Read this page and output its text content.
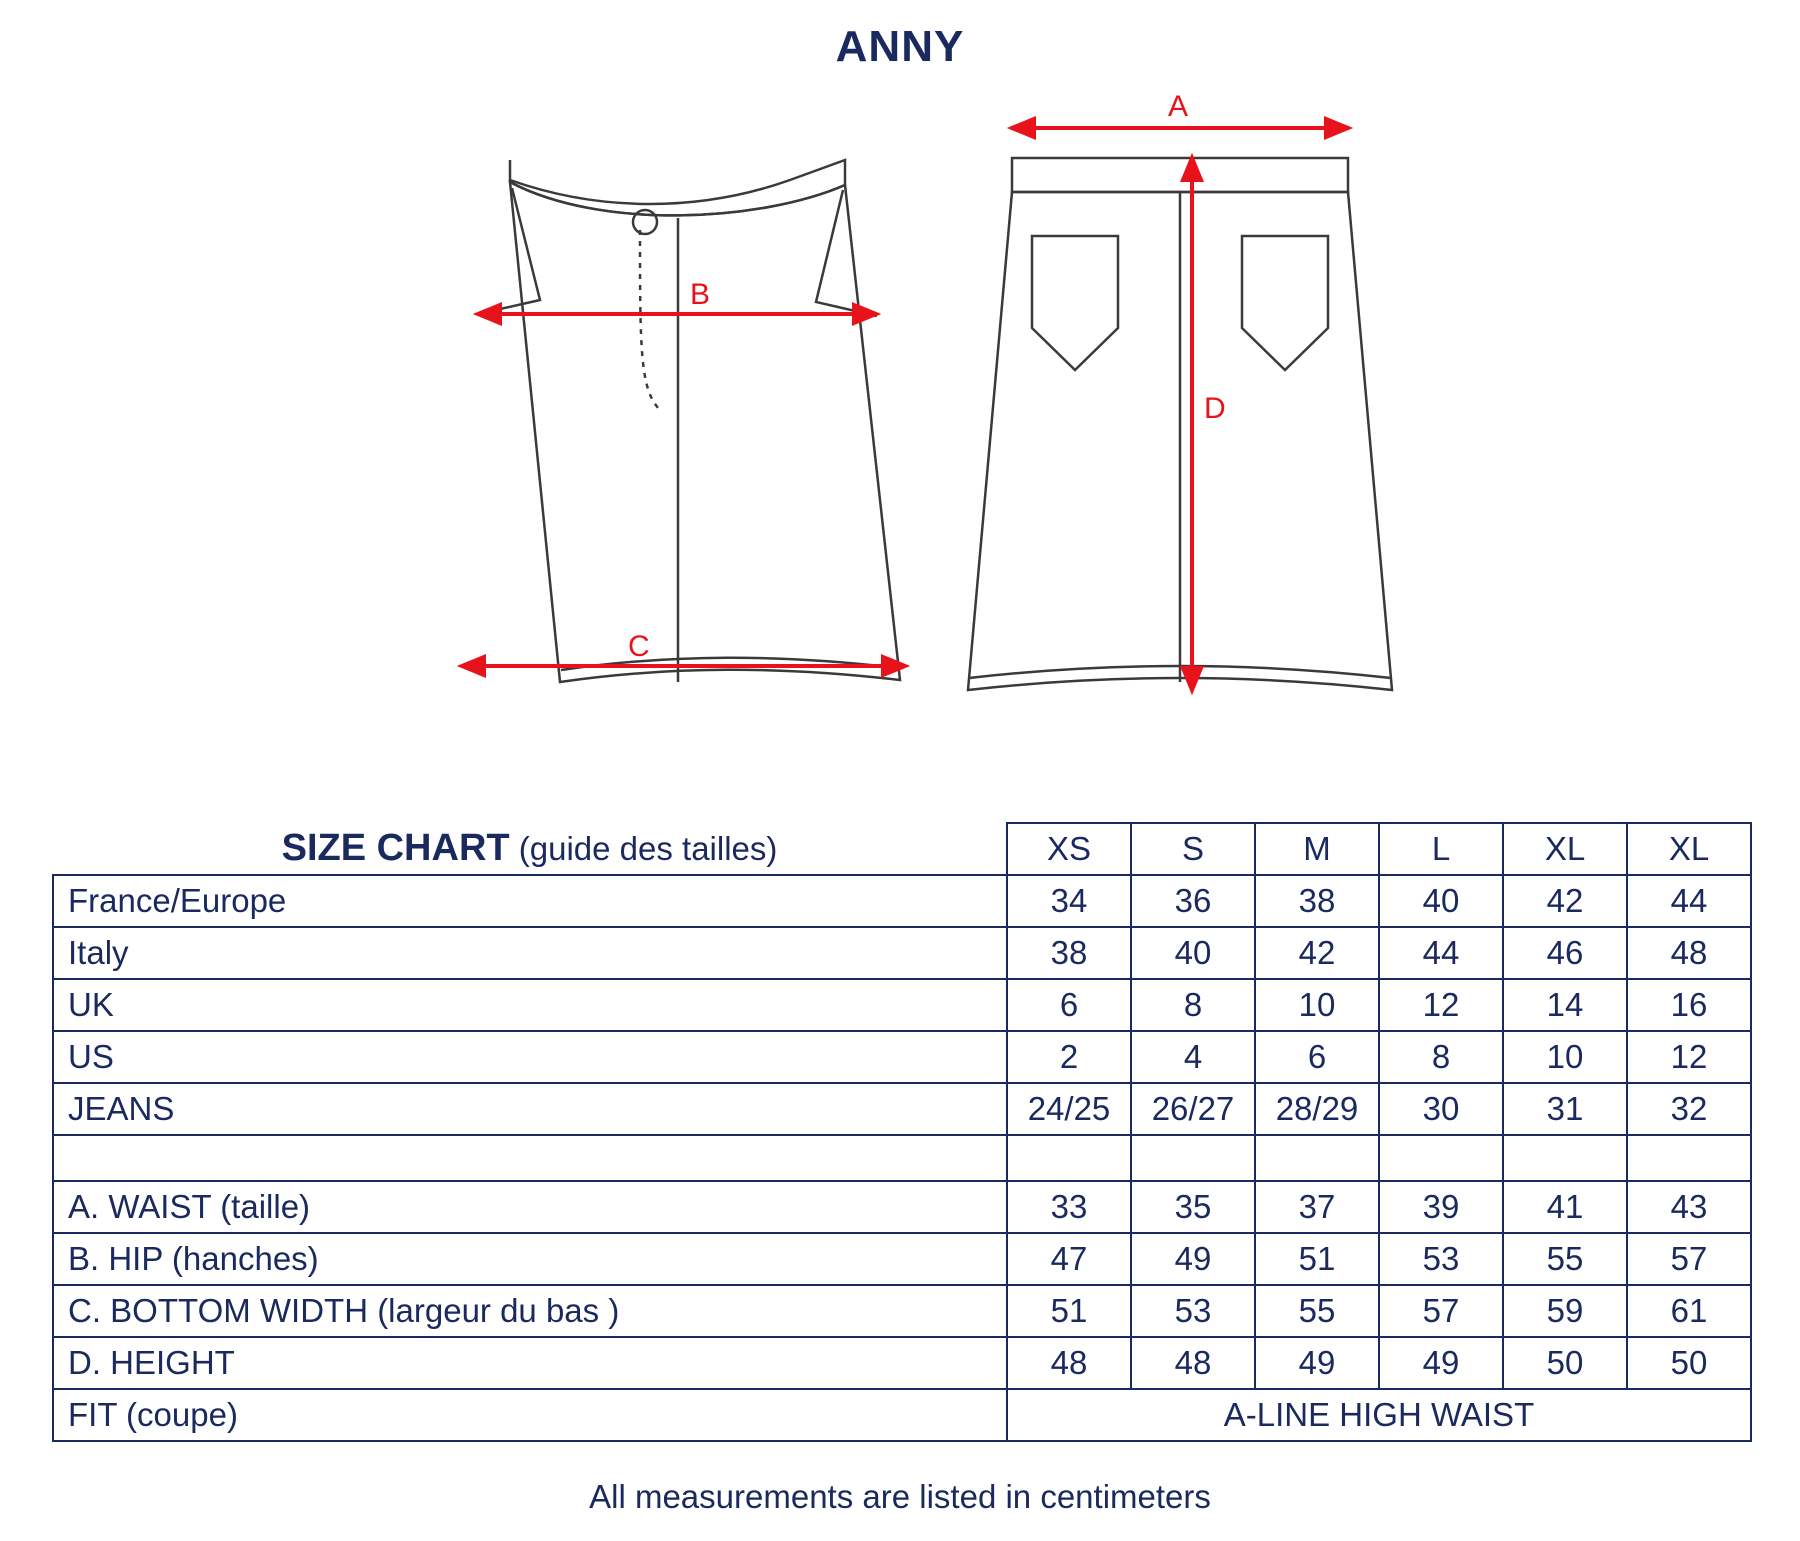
ANNY
B
C
A
D
SIZE CHART (guide des tailles)	XS	S	M	L	XL	XL
France/Europe	34	36	38	40	42	44
Italy	38	40	42	44	46	48
UK	6	8	10	12	14	16
US	2	4	6	8	10	12
JEANS	24/25	26/27	28/29	30	31	32

A. WAIST (taille)	33	35	37	39	41	43
B. HIP (hanches)	47	49	51	53	55	57
C. BOTTOM WIDTH (largeur du bas )	51	53	55	57	59	61
D. HEIGHT	48	48	49	49	50	50
FIT (coupe)	A-LINE HIGH WAIST					
All measurements are listed in centimeters
